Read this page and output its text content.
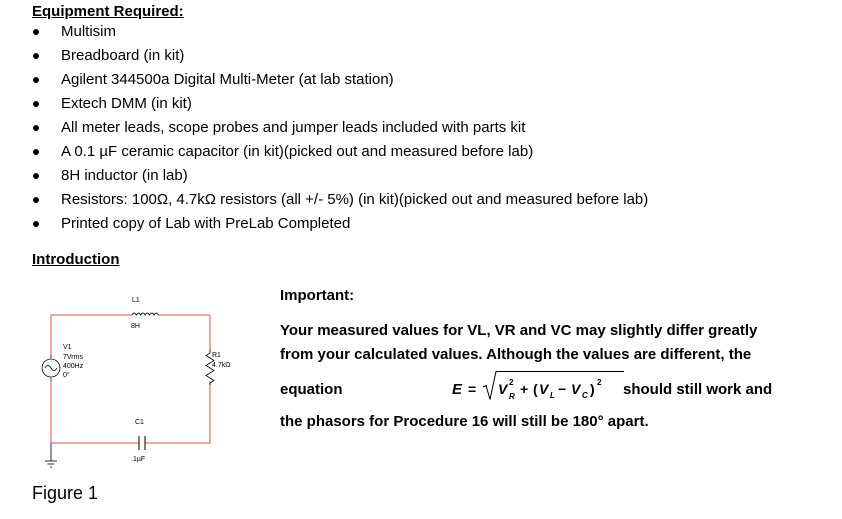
Equipment Required:
Multisim
Breadboard (in kit)
Agilent 344500a Digital Multi-Meter (at lab station)
Extech DMM (in kit)
All meter leads, scope probes and jumper leads included with parts kit
A 0.1 µF ceramic capacitor (in kit)(picked out and measured before lab)
8H inductor (in lab)
Resistors: 100Ω, 4.7kΩ resistors (all +/- 5%) (in kit)(picked out and measured before lab)
Printed copy of Lab with PreLab Completed
Introduction
L1
8H
V1
7Vrms
400Hz
0°
R1
4.7kΩ
C1
.1µF
Figure 1
Important:
Your measured values for VL, VR and VC may slightly differ greatly
from your calculated values. Although the values are different, the
equation	E = V 2
R + ( V L − V C ) 2 should still work and
the phasors for Procedure 16 will still be 180° apart.
